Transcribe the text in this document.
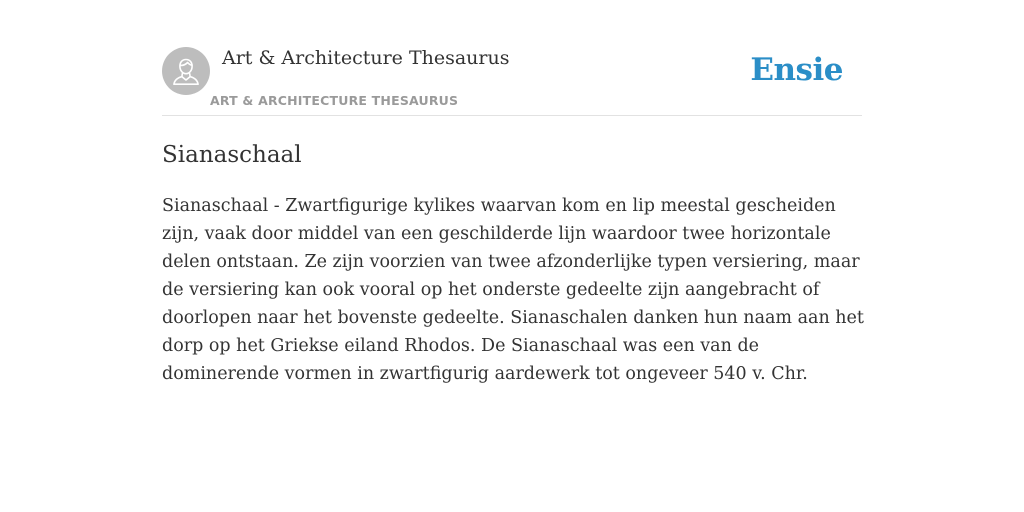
Art & Architecture Thesaurus
ART & ARCHITECTURE THESAURUS
Ensie
Sianaschaal

Sianaschaal - Zwartfigurige kylikes waarvan kom en lip meestal gescheiden zijn, vaak door middel van een geschilderde lijn waardoor twee horizontale delen ontstaan. Ze zijn voorzien van twee afzonderlijke typen versiering, maar de versiering kan ook vooral op het onderste gedeelte zijn aangebracht of doorlopen naar het bovenste gedeelte. Sianaschalen danken hun naam aan het dorp op het Griekse eiland Rhodos. De Sianaschaal was een van de dominerende vormen in zwartfigurig aardewerk tot ongeveer 540 v. Chr.
